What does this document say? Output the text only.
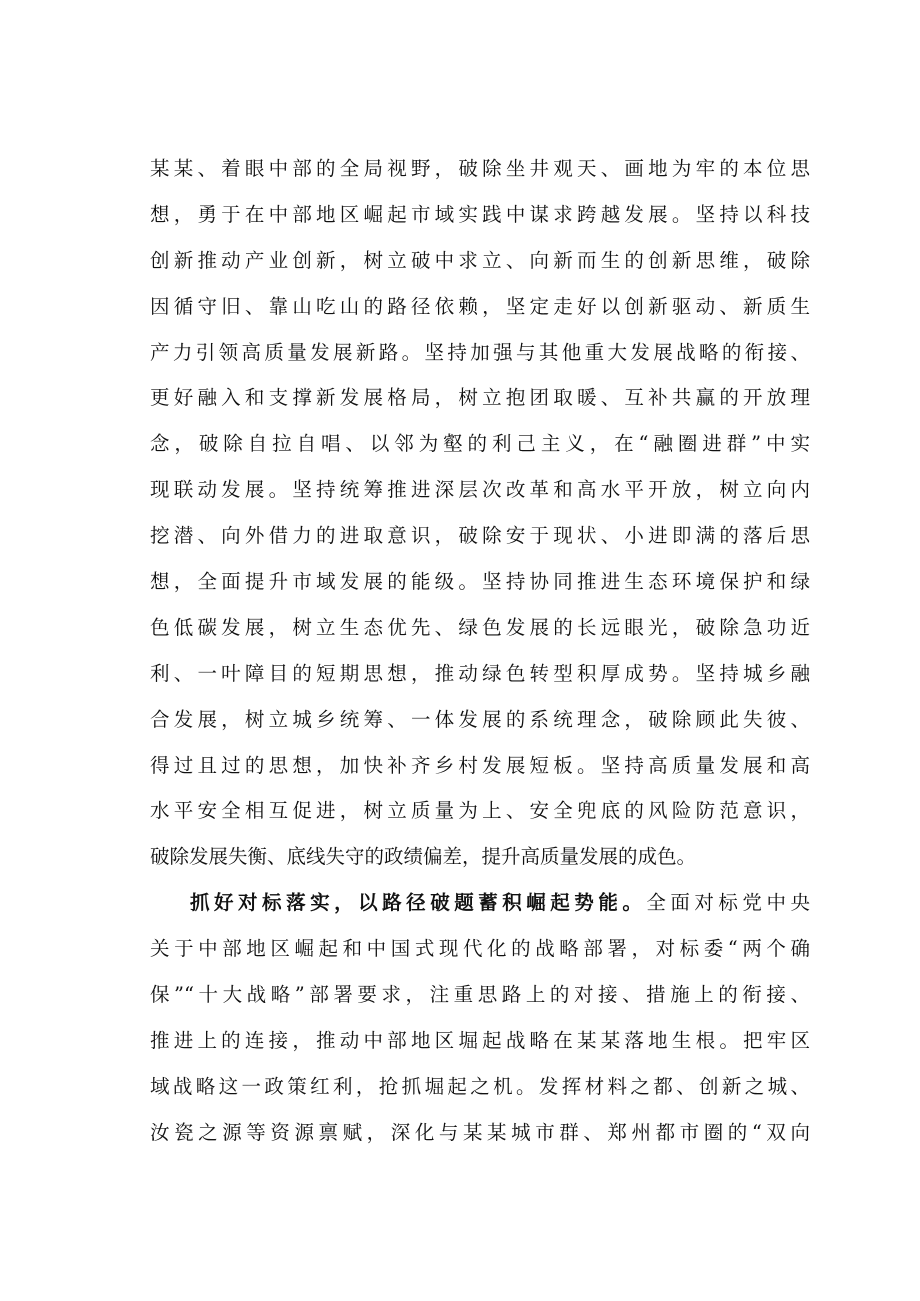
某某、着眼中部的全局视野，破除坐井观天、画地为牢的本位思
想，勇于在中部地区崛起市域实践中谋求跨越发展。坚持以科技
创新推动产业创新，树立破中求立、向新而生的创新思维，破除
因循守旧、靠山吃山的路径依赖，坚定走好以创新驱动、新质生
产力引领高质量发展新路。坚持加强与其他重大发展战略的衔接、
更好融入和支撑新发展格局，树立抱团取暖、互补共赢的开放理
念，破除自拉自唱、以邻为壑的利己主义，在“融圈进群”中实
现联动发展。坚持统筹推进深层次改革和高水平开放，树立向内
挖潜、向外借力的进取意识，破除安于现状、小进即满的落后思
想，全面提升市域发展的能级。坚持协同推进生态环境保护和绿
色低碳发展，树立生态优先、绿色发展的长远眼光，破除急功近
利、一叶障目的短期思想，推动绿色转型积厚成势。坚持城乡融
合发展，树立城乡统筹、一体发展的系统理念，破除顾此失彼、
得过且过的思想，加快补齐乡村发展短板。坚持高质量发展和高
水平安全相互促进，树立质量为上、安全兜底的风险防范意识，
破除发展失衡、底线失守的政绩偏差，提升高质量发展的成色。
抓好对标落实，以路径破题蓄积崛起势能。全面对标党中央
关于中部地区崛起和中国式现代化的战略部署，对标委“两个确
保”“十大战略”部署要求，注重思路上的对接、措施上的衔接、
推进上的连接，推动中部地区堀起战略在某某落地生根。把牢区
域战略这一政策红利，抢抓堀起之机。发挥材料之都、创新之城、
汝瓷之源等资源禀赋，深化与某某城市群、郑州都市圈的“双向
